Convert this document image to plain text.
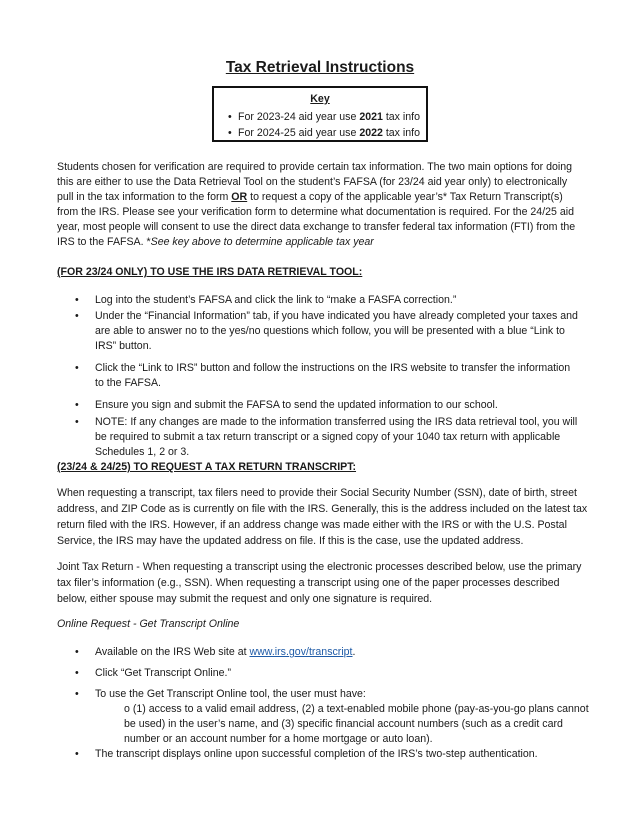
Tax Retrieval Instructions
Key
• For 2023-24 aid year use 2021 tax info
• For 2024-25 aid year use 2022 tax info
Students chosen for verification are required to provide certain tax information. The two main options for doing
this are either to use the Data Retrieval Tool on the student’s FAFSA (for 23/24 aid year only) to electronically
pull in the tax information to the form OR to request a copy of the applicable year’s* Tax Return Transcript(s)
from the IRS. Please see your verification form to determine what documentation is required. For the 24/25 aid
year, most people will consent to use the direct data exchange to transfer federal tax information (FTI) from the
IRS to the FAFSA. *See key above to determine applicable tax year
(FOR 23/24 ONLY) TO USE THE IRS DATA RETRIEVAL TOOL:
• Log into the student’s FAFSA and click the link to “make a FASFA correction.”
• Under the “Financial Information” tab, if you have indicated you have already completed your taxes and
are able to answer no to the yes/no questions which follow, you will be presented with a blue “Link to
IRS” button.
• Click the “Link to IRS” button and follow the instructions on the IRS website to transfer the information
to the FAFSA.
• Ensure you sign and submit the FAFSA to send the updated information to our school.
• NOTE: If any changes are made to the information transferred using the IRS data retrieval tool, you will
be required to submit a tax return transcript or a signed copy of your 1040 tax return with applicable
Schedules 1, 2 or 3.
(23/24 & 24/25) TO REQUEST A TAX RETURN TRANSCRIPT:
When requesting a transcript, tax filers need to provide their Social Security Number (SSN), date of birth, street
address, and ZIP Code as is currently on file with the IRS. Generally, this is the address included on the latest tax
return filed with the IRS. However, if an address change was made either with the IRS or with the U.S. Postal
Service, the IRS may have the updated address on file. If this is the case, use the updated address.
Joint Tax Return - When requesting a transcript using the electronic processes described below, use the primary
tax filer’s information (e.g., SSN). When requesting a transcript using one of the paper processes described
below, either spouse may submit the request and only one signature is required.
Online Request - Get Transcript Online
• Available on the IRS Web site at www.irs.gov/transcript.
• Click “Get Transcript Online.”
• To use the Get Transcript Online tool, the user must have:
o (1) access to a valid email address, (2) a text-enabled mobile phone (pay-as-you-go plans cannot
be used) in the user’s name, and (3) specific financial account numbers (such as a credit card
number or an account number for a home mortgage or auto loan).
• The transcript displays online upon successful completion of the IRS’s two-step authentication.
